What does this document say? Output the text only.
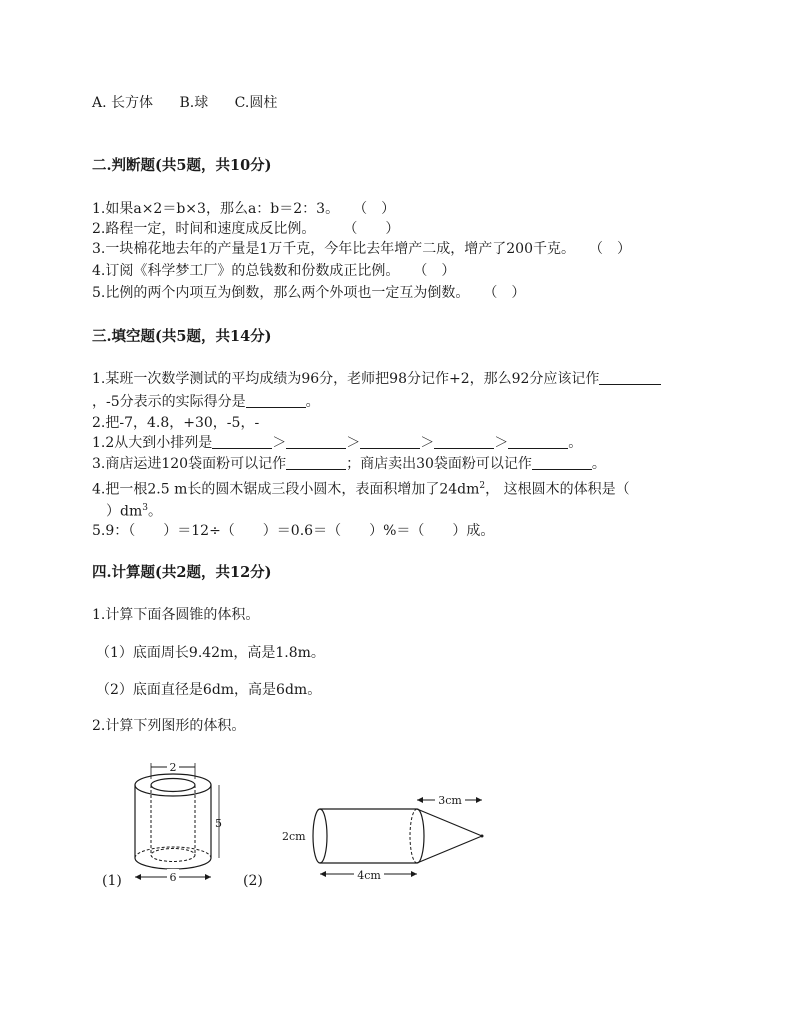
A. 长方体 B.球 C.圆柱
二.判断题(共5题，共10分)
1.如果a×2＝b×3，那么a：b＝2：3。　　（　）
2.路程一定，时间和速度成反比例。　　　（　　）
3.一块棉花地去年的产量是1万千克，今年比去年增产二成，增产了200千克。　　（　）
4.订阅《科学梦工厂》的总钱数和份数成正比例。　　（　）
5.比例的两个内项互为倒数，那么两个外项也一定互为倒数。　　（　）
三.填空题(共5题，共14分)
1.某班一次数学测试的平均成绩为96分，老师把98分记作+2，那么92分应该记作
，-5分表示的实际得分是	。
2.把-7，4.8，+30，-5，-
1.2从大到小排列是	＞	＞	＞	＞	。
3.商店运进120袋面粉可以记作	；商店卖出30袋面粉可以记作	。
4.把一根2.5 m长的圆木锯成三段小圆木，表面积增加了$24dm^2$， 这根圆木的体积是（
　）$dm^3$。
5.9：（　　）＝12÷（　　）＝0.6＝（　　）%＝（　　）成。
四.计算题(共2题，共12分)
1.计算下面各圆锥的体积。
（1）底面周长9.42m，高是1.8m。
（2）底面直径是6dm，高是6dm。
2.计算下列图形的体积。
(1)
2
5
6	(2)
2cm
4cm
3cm
